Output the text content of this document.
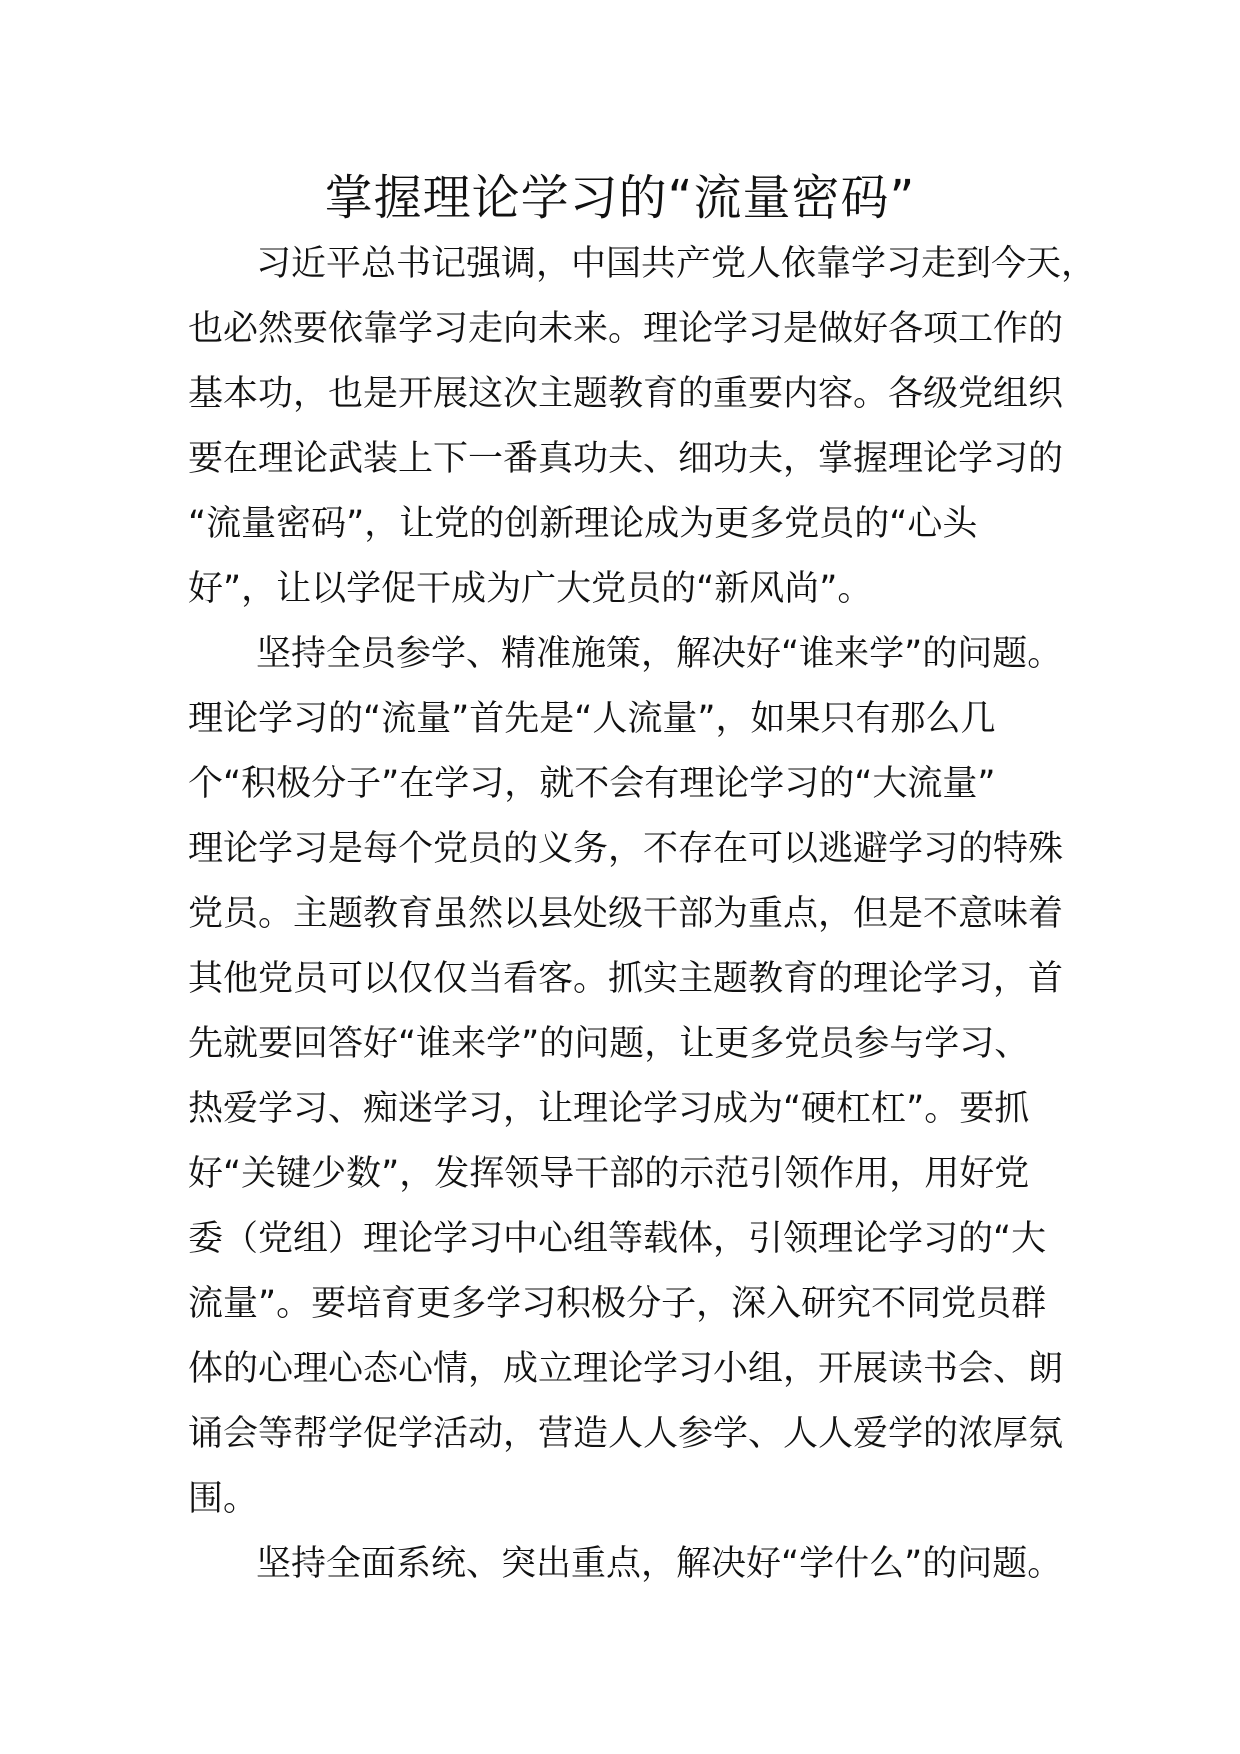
掌握理论学习的“流量密码”
习近平总书记强调，中国共产党人依靠学习走到今天，
也必然要依靠学习走向未来。理论学习是做好各项工作的
基本功，也是开展这次主题教育的重要内容。各级党组织
要在理论武装上下一番真功夫、细功夫，掌握理论学习的
“流量密码”，让党的创新理论成为更多党员的“心头
好”，让以学促干成为广大党员的“新风尚”。
坚持全员参学、精准施策，解决好“谁来学”的问题。
理论学习的“流量”首先是“人流量”，如果只有那么几
个“积极分子”在学习，就不会有理论学习的“大流量”
理论学习是每个党员的义务，不存在可以逃避学习的特殊
党员。主题教育虽然以县处级干部为重点，但是不意味着
其他党员可以仅仅当看客。抓实主题教育的理论学习，首
先就要回答好“谁来学”的问题，让更多党员参与学习、
热爱学习、痴迷学习，让理论学习成为“硬杠杠”。要抓
好“关键少数”，发挥领导干部的示范引领作用，用好党
委（党组）理论学习中心组等载体，引领理论学习的“大
流量”。要培育更多学习积极分子，深入研究不同党员群
体的心理心态心情，成立理论学习小组，开展读书会、朗
诵会等帮学促学活动，营造人人参学、人人爱学的浓厚氛
围。
坚持全面系统、突出重点，解决好“学什么”的问题。
